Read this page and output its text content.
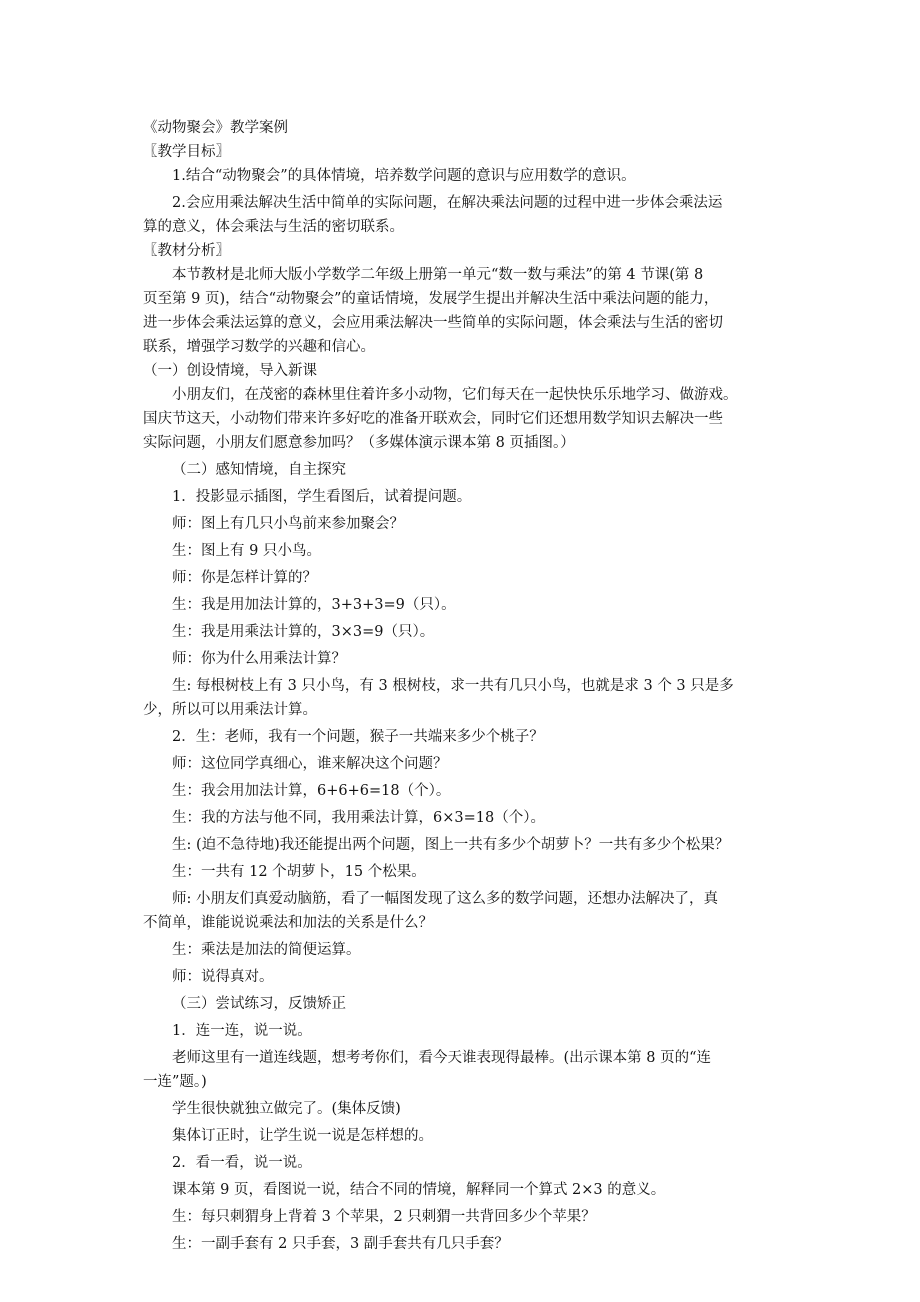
《动物聚会》教学案例

〖教学目标〗

1.结合“动物聚会”的具体情境，培养数学问题的意识与应用数学的意识。

2.会应用乘法解决生活中简单的实际问题，在解决乘法问题的过程中进一步体会乘法运

算的意义，体会乘法与生活的密切联系。

〖教材分析〗

本节教材是北师大版小学数学二年级上册第一单元“数一数与乘法”的第 4 节课(第 8

页至第 9 页)，结合“动物聚会”的童话情境，发展学生提出并解决生活中乘法问题的能力，

进一步体会乘法运算的意义，会应用乘法解决一些简单的实际问题，体会乘法与生活的密切

联系，增强学习数学的兴趣和信心。

（一）创设情境，导入新课

小朋友们，在茂密的森林里住着许多小动物，它们每天在一起快快乐乐地学习、做游戏。

国庆节这天，小动物们带来许多好吃的准备开联欢会，同时它们还想用数学知识去解决一些

实际问题，小朋友们愿意参加吗？（多媒体演示课本第 8 页插图。）

（二）感知情境，自主探究

1．投影显示插图，学生看图后，试着提问题。

师：图上有几只小鸟前来参加聚会？

生：图上有 9 只小鸟。

师：你是怎样计算的？

生：我是用加法计算的，3+3+3=9（只）。

生：我是用乘法计算的，3×3=9（只）。

师：你为什么用乘法计算？

生: 每根树枝上有 3 只小鸟，有 3 根树枝，求一共有几只小鸟，也就是求 3 个 3 只是多

少，所以可以用乘法计算。

2．生：老师，我有一个问题，猴子一共端来多少个桃子？

师：这位同学真细心，谁来解决这个问题？

生：我会用加法计算，6+6+6=18（个）。

生：我的方法与他不同，我用乘法计算，6×3=18（个）。

生: (迫不急待地)我还能提出两个问题，图上一共有多少个胡萝卜？一共有多少个松果？

生：一共有 12 个胡萝卜，15 个松果。

师: 小朋友们真爱动脑筋，看了一幅图发现了这么多的数学问题，还想办法解决了，真

不简单，谁能说说乘法和加法的关系是什么？

生：乘法是加法的简便运算。

师：说得真对。

（三）尝试练习，反馈矫正

1．连一连，说一说。

老师这里有一道连线题，想考考你们，看今天谁表现得最棒。(出示课本第 8 页的“连

一连”题。)

学生很快就独立做完了。(集体反馈)

集体订正时，让学生说一说是怎样想的。

2．看一看，说一说。

课本第 9 页，看图说一说，结合不同的情境，解释同一个算式 2×3 的意义。

生：每只刺猬身上背着 3 个苹果，2 只刺猬一共背回多少个苹果？

生：一副手套有 2 只手套，3 副手套共有几只手套？
